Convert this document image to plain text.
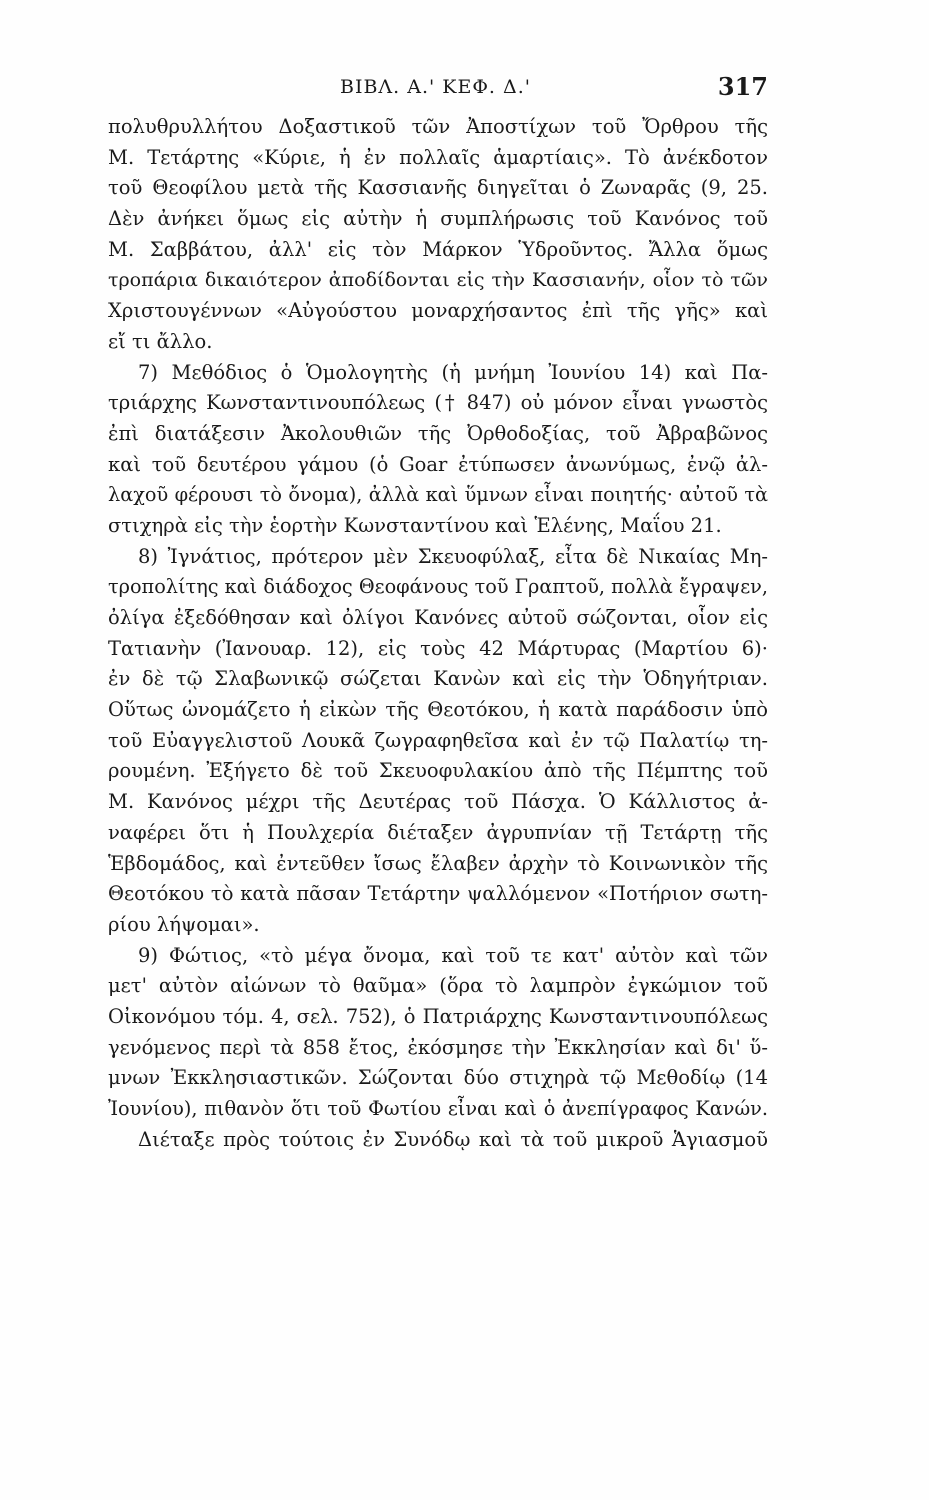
ΒΙΒΛ. Α.' ΚΕΦ. Δ.'	317
πολυθρυλλήτου Δοξαστικοῦ τῶν Ἀποστίχων τοῦ Ὄρθρου τῆς
Μ. Τετάρτης «Κύριε, ἡ ἐν πολλαῖς ἁμαρτίαις». Τὸ ἀνέκδοτον
τοῦ Θεοφίλου μετὰ τῆς Κασσιανῆς διηγεῖται ὁ Ζωναρᾶς (9, 25.
Δὲν ἀνήκει ὅμως εἰς αὐτὴν ἡ συμπλήρωσις τοῦ Κανόνος τοῦ
Μ. Σαββάτου, ἀλλ' εἰς τὸν Μάρκον Ὑδροῦντος. Ἄλλα ὅμως
τροπάρια δικαιότερον ἀποδίδονται εἰς τὴν Κασσιανήν, οἷον τὸ τῶν
Χριστουγέννων «Αὐγούστου μοναρχήσαντος ἐπὶ τῆς γῆς» καὶ
εἴ τι ἄλλο.
7) Μεθόδιος ὁ Ὁμολογητὴς (ἡ μνήμη Ἰουνίου 14) καὶ Πα-
τριάρχης Κωνσταντινουπόλεως († 847) οὐ μόνον εἶναι γνωστὸς
ἐπὶ διατάξεσιν Ἀκολουθιῶν τῆς Ὀρθοδοξίας, τοῦ Ἀβραβῶνος
καὶ τοῦ δευτέρου γάμου (ὁ Goar ἐτύπωσεν ἀνωνύμως, ἐνῷ ἀλ-
λαχοῦ φέρουσι τὸ ὄνομα), ἀλλὰ καὶ ὕμνων εἶναι ποιητής· αὐτοῦ τὰ
στιχηρὰ εἰς τὴν ἑορτὴν Κωνσταντίνου καὶ Ἑλένης, Μαΐου 21.
8) Ἰγνάτιος, πρότερον μὲν Σκευοφύλαξ, εἶτα δὲ Νικαίας Μη-
τροπολίτης καὶ διάδοχος Θεοφάνους τοῦ Γραπτοῦ, πολλὰ ἔγραψεν,
ὀλίγα ἐξεδόθησαν καὶ ὀλίγοι Κανόνες αὐτοῦ σώζονται, οἷον εἰς
Τατιανὴν (Ἰανουαρ. 12), εἰς τοὺς 42 Μάρτυρας (Μαρτίου 6)·
ἐν δὲ τῷ Σλαβωνικῷ σώζεται Κανὼν καὶ εἰς τὴν Ὁδηγήτριαν.
Οὕτως ὠνομάζετο ἡ εἰκὼν τῆς Θεοτόκου, ἡ κατὰ παράδοσιν ὑπὸ
τοῦ Εὐαγγελιστοῦ Λουκᾶ ζωγραφηθεῖσα καὶ ἐν τῷ Παλατίῳ τη-
ρουμένη. Ἐξήγετο δὲ τοῦ Σκευοφυλακίου ἀπὸ τῆς Πέμπτης τοῦ
Μ. Κανόνος μέχρι τῆς Δευτέρας τοῦ Πάσχα. Ὁ Κάλλιστος ἀ-
ναφέρει ὅτι ἡ Πουλχερία διέταξεν ἀγρυπνίαν τῇ Τετάρτῃ τῆς
Ἑβδομάδος, καὶ ἐντεῦθεν ἴσως ἔλαβεν ἀρχὴν τὸ Κοινωνικὸν τῆς
Θεοτόκου τὸ κατὰ πᾶσαν Τετάρτην ψαλλόμενον «Ποτήριον σωτη-
ρίου λήψομαι».
9) Φώτιος, «τὸ μέγα ὄνομα, καὶ τοῦ τε κατ' αὐτὸν καὶ τῶν
μετ' αὐτὸν αἰώνων τὸ θαῦμα» (ὅρα τὸ λαμπρὸν ἐγκώμιον τοῦ
Οἰκονόμου τόμ. 4, σελ. 752), ὁ Πατριάρχης Κωνσταντινουπόλεως
γενόμενος περὶ τὰ 858 ἔτος, ἐκόσμησε τὴν Ἐκκλησίαν καὶ δι' ὕ-
μνων Ἐκκλησιαστικῶν. Σώζονται δύο στιχηρὰ τῷ Μεθοδίῳ (14
Ἰουνίου), πιθανὸν ὅτι τοῦ Φωτίου εἶναι καὶ ὁ ἀνεπίγραφος Κανών.
Διέταξε πρὸς τούτοις ἐν Συνόδῳ καὶ τὰ τοῦ μικροῦ Ἁγιασμοῦ
